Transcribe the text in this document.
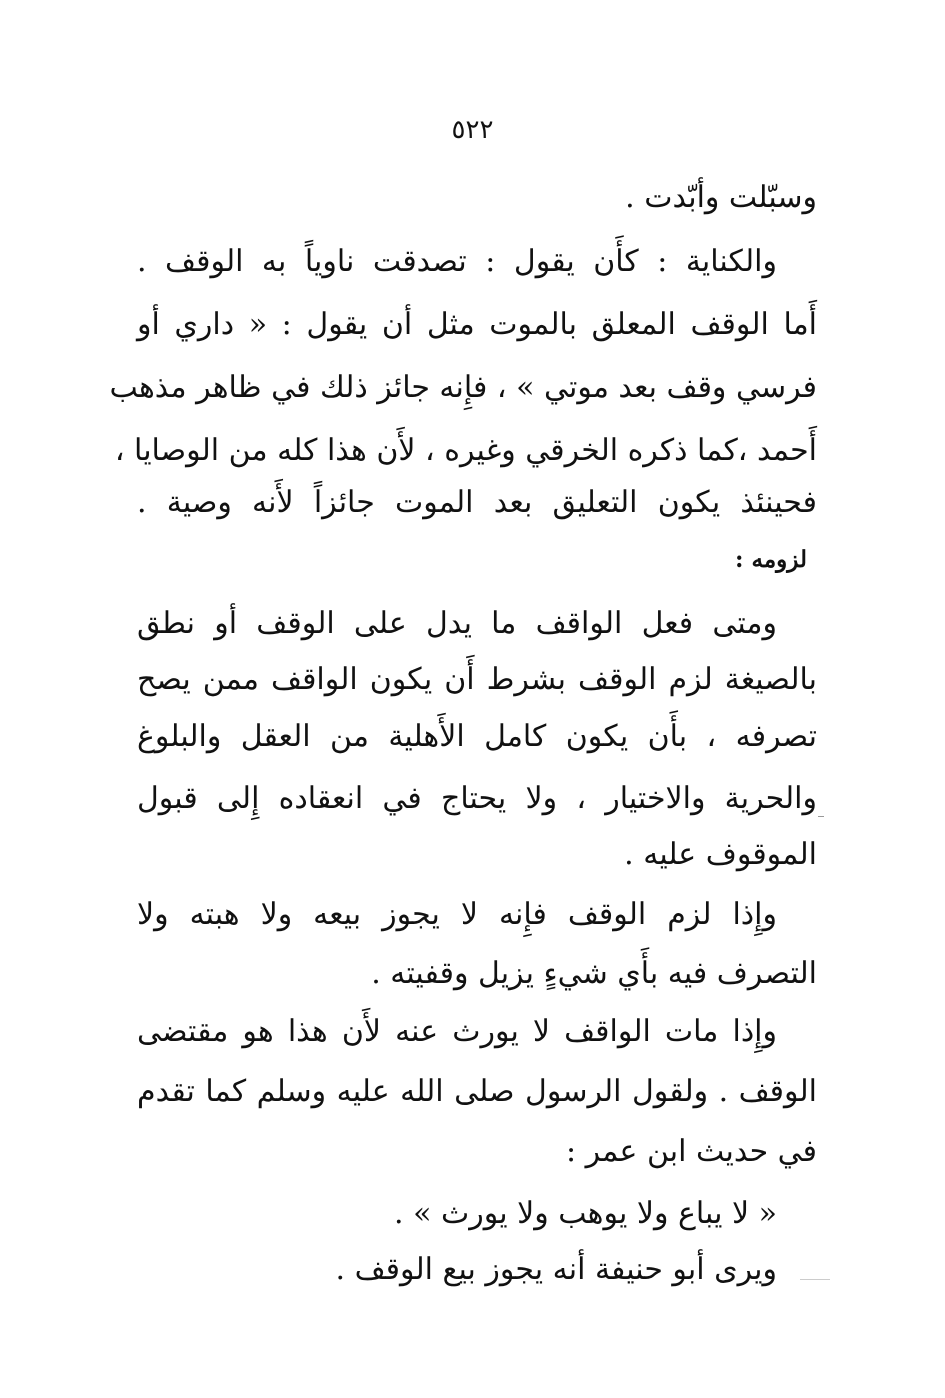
٥٢٢
وسبّلت وأبّدت .
والكناية : كأَن يقول : تصدقت ناوياً به الوقف .
أَما الوقف المعلق بالموت مثل أن يقول : « داري أو
فرسي وقف بعد موتي » ، فإِنه جائز ذلك في ظاهر مذهب
أَحمد ،كما ذكره الخرقي وغيره ، لأَن هذا كله من الوصايا ،
فحينئذ يكون التعليق بعد الموت جائزاً لأَنه وصية .
لزومه :
ومتى فعل الواقف ما يدل على الوقف أو نطق
بالصيغة لزم الوقف بشرط أَن يكون الواقف ممن يصح
تصرفه ، بأَن يكون كامل الأَهلية من العقل والبلوغ
والحرية والاختيار ، ولا يحتاج في انعقاده إِلى قبول
الموقوف عليه .
وإِذا لزم الوقف فإِنه لا يجوز بيعه ولا هبته ولا
التصرف فيه بأَي شيءٍ يزيل وقفيته .
وإِذا مات الواقف لا يورث عنه لأَن هذا هو مقتضى
الوقف . ولقول الرسول صلى الله عليه وسلم كما تقدم
في حديث ابن عمر :
« لا يباع ولا يوهب ولا يورث » .
ويرى أبو حنيفة أنه يجوز بيع الوقف .
